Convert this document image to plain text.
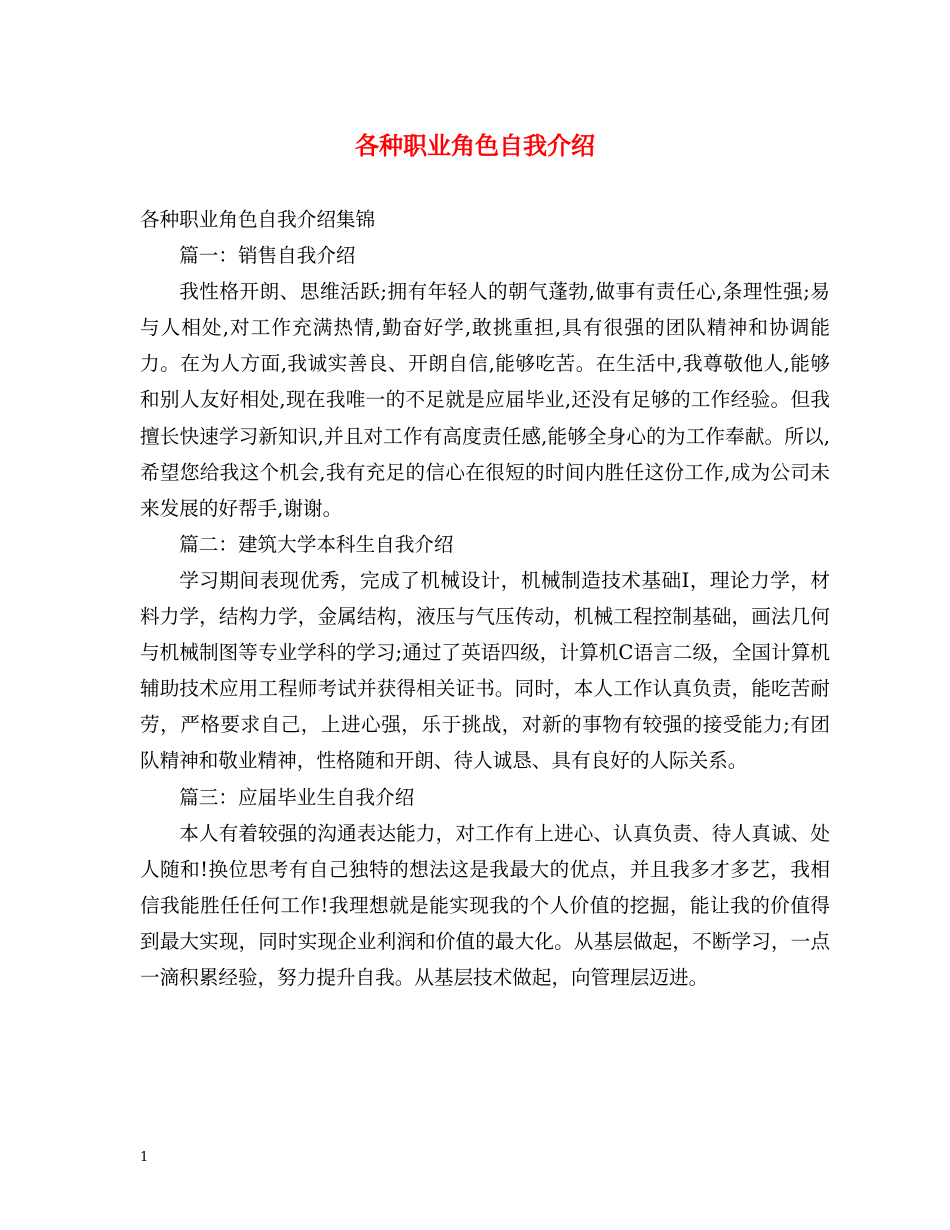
各种职业角色自我介绍

各种职业角色自我介绍集锦

篇一：销售自我介绍

我性格开朗、思维活跃;拥有年轻人的朝气蓬勃,做事有责任心,条理性强;易与人相处,对工作充满热情,勤奋好学,敢挑重担,具有很强的团队精神和协调能力。在为人方面,我诚实善良、开朗自信,能够吃苦。在生活中,我尊敬他人,能够和别人友好相处,现在我唯一的不足就是应届毕业,还没有足够的工作经验。但我擅长快速学习新知识,并且对工作有高度责任感,能够全身心的为工作奉献。所以,希望您给我这个机会,我有充足的信心在很短的时间内胜任这份工作,成为公司未来发展的好帮手,谢谢。

篇二：建筑大学本科生自我介绍

学习期间表现优秀，完成了机械设计，机械制造技术基础Ⅰ，理论力学，材料力学，结构力学，金属结构，液压与气压传动，机械工程控制基础，画法几何与机械制图等专业学科的学习;通过了英语四级，计算机C语言二级，全国计算机辅助技术应用工程师考试并获得相关证书。同时，本人工作认真负责，能吃苦耐劳，严格要求自己，上进心强，乐于挑战，对新的事物有较强的接受能力;有团队精神和敬业精神，性格随和开朗、待人诚恳、具有良好的人际关系。

篇三：应届毕业生自我介绍

本人有着较强的沟通表达能力，对工作有上进心、认真负责、待人真诚、处人随和!换位思考有自己独特的想法这是我最大的优点，并且我多才多艺，我相信我能胜任任何工作!我理想就是能实现我的个人价值的挖掘，能让我的价值得到最大实现，同时实现企业利润和价值的最大化。从基层做起，不断学习，一点一滴积累经验，努力提升自我。从基层技术做起，向管理层迈进。

1
